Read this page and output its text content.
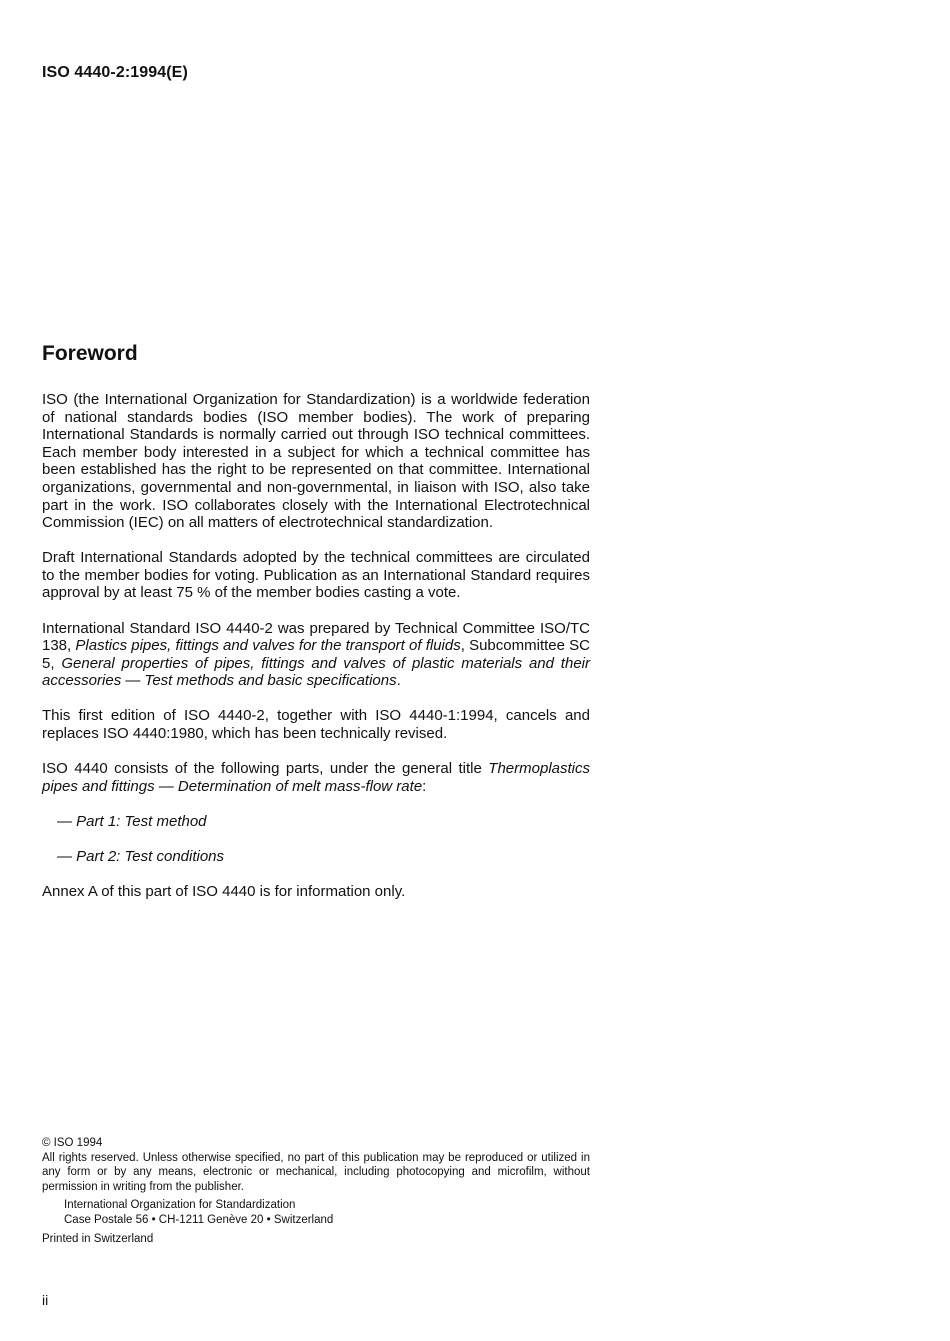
ISO 4440-2:1994(E)
Foreword

ISO (the International Organization for Standardization) is a worldwide federation of national standards bodies (ISO member bodies). The work of preparing International Standards is normally carried out through ISO technical committees. Each member body interested in a subject for which a technical committee has been established has the right to be represented on that committee. International organizations, governmental and non-governmental, in liaison with ISO, also take part in the work. ISO collaborates closely with the International Electrotechnical Commission (IEC) on all matters of electrotechnical standardization.

Draft International Standards adopted by the technical committees are circulated to the member bodies for voting. Publication as an International Standard requires approval by at least 75 % of the member bodies casting a vote.

International Standard ISO 4440-2 was prepared by Technical Committee ISO/TC 138, Plastics pipes, fittings and valves for the transport of fluids, Subcommittee SC 5, General properties of pipes, fittings and valves of plastic materials and their accessories — Test methods and basic specifications.

This first edition of ISO 4440-2, together with ISO 4440-1:1994, cancels and replaces ISO 4440:1980, which has been technically revised.

ISO 4440 consists of the following parts, under the general title Thermoplastics pipes and fittings — Determination of melt mass-flow rate:

— Part 1: Test method

— Part 2: Test conditions

Annex A of this part of ISO 4440 is for information only.

© ISO 1994

All rights reserved. Unless otherwise specified, no part of this publication may be reproduced or utilized in any form or by any means, electronic or mechanical, including photocopying and microfilm, without permission in writing from the publisher.

International Organization for Standardization
Case Postale 56 • CH-1211 Genève 20 • Switzerland

Printed in Switzerland

ii
